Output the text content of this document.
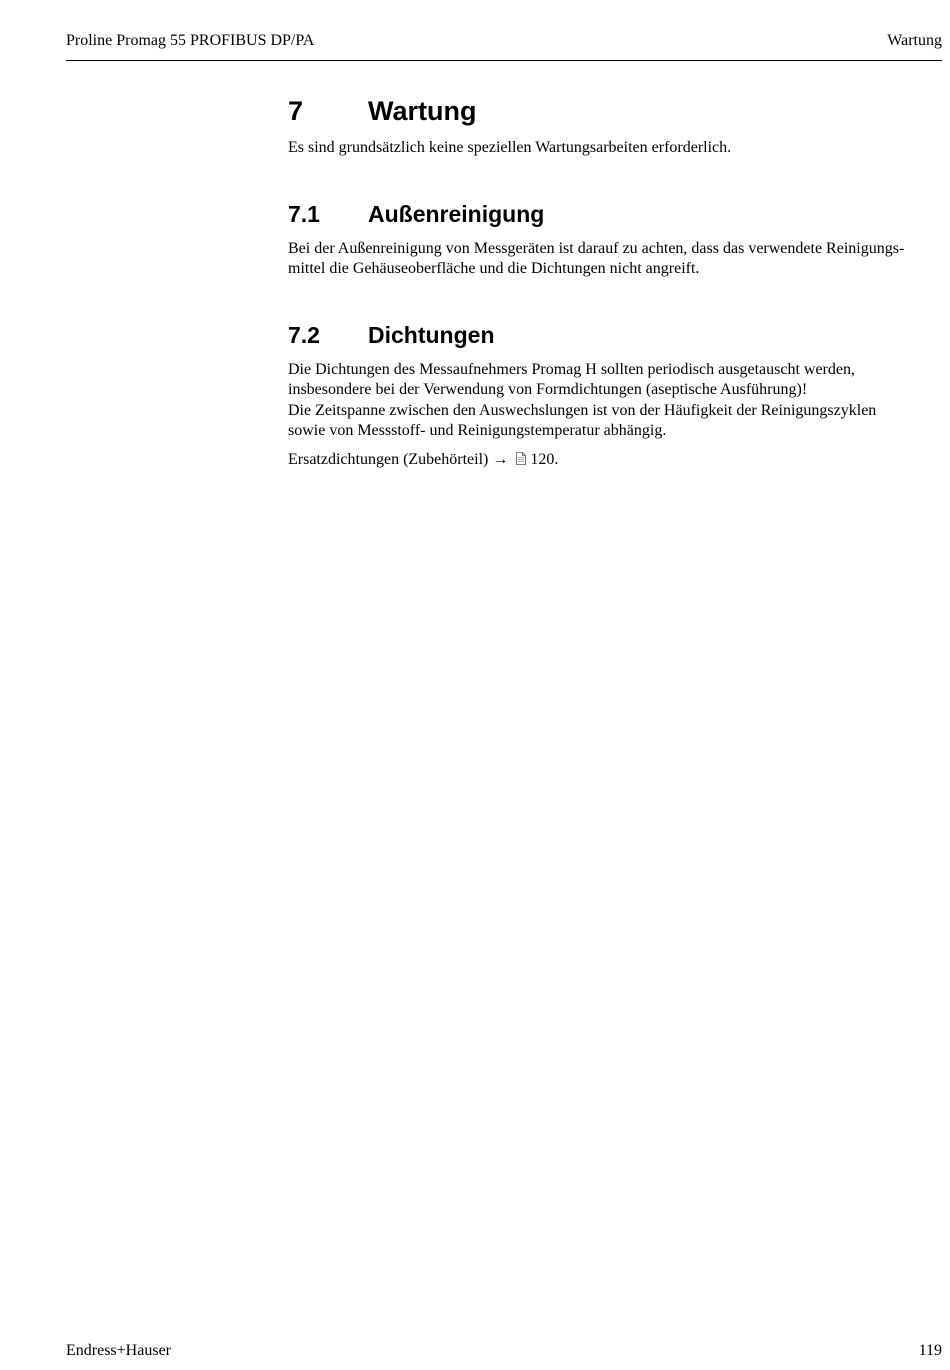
Proline Promag 55 PROFIBUS DP/PA	Wartung
7	Wartung

Es sind grundsätzlich keine speziellen Wartungsarbeiten erforderlich.

7.1	Außenreinigung

Bei der Außenreinigung von Messgeräten ist darauf zu achten, dass das verwendete Reinigungs-
mittel die Gehäuseoberfläche und die Dichtungen nicht angreift.

7.2	Dichtungen

Die Dichtungen des Messaufnehmers Promag H sollten periodisch ausgetauscht werden,
insbesondere bei der Verwendung von Formdichtungen (aseptische Ausführung)!
Die Zeitspanne zwischen den Auswechslungen ist von der Häufigkeit der Reinigungszyklen
sowie von Messstoff- und Reinigungstemperatur abhängig.

Ersatzdichtungen (Zubehörteil) → 120.

Endress+Hauser	119
